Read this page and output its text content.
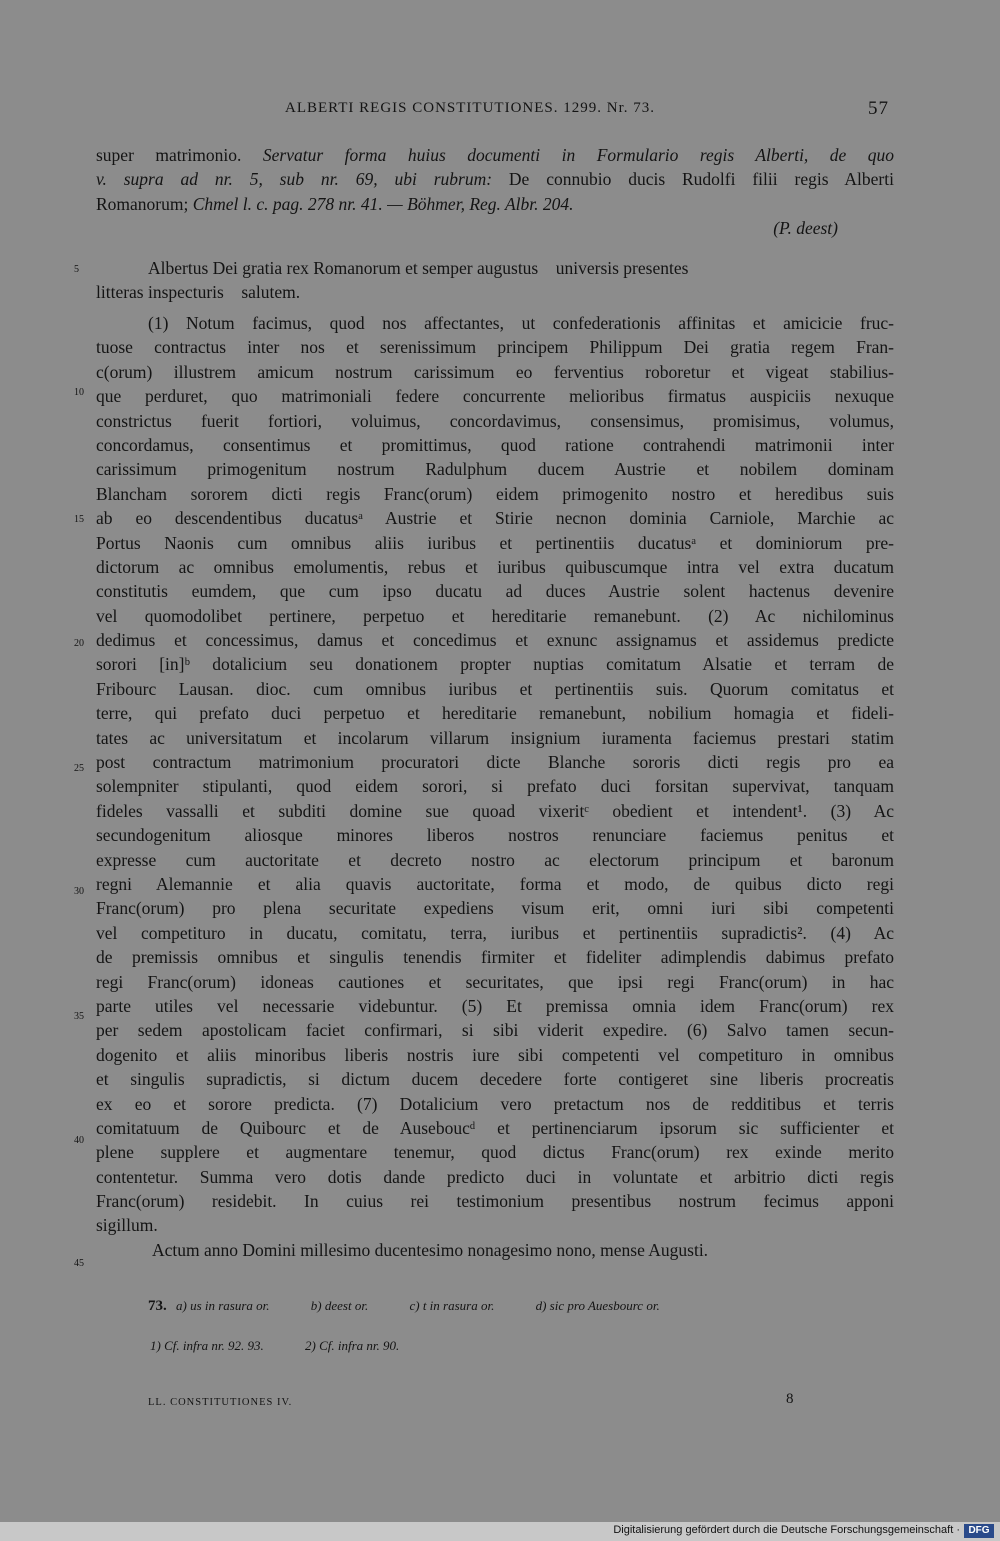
ALBERTI REGIS CONSTITUTIONES. 1299. Nr. 73.	57
super matrimonio. Servatur forma huius documenti in Formulario regis Alberti, de quo
v. supra ad nr. 5, sub nr. 69, ubi rubrum: De connubio ducis Rudolfi filii regis Alberti
Romanorum; Chmel l. c. pag. 278 nr. 41. — Böhmer, Reg. Albr. 204.
(P. deest)
5
10
15
20
25
30
35
40
45
Albertus Dei gratia rex Romanorum et semper augustus    universis presentes
litteras inspecturis    salutem.
(1) Notum facimus, quod nos affectantes, ut confederationis affinitas et amicicie fruc-
tuose contractus inter nos et serenissimum principem Philippum Dei gratia regem Fran-
c(orum) illustrem amicum nostrum carissimum eo ferventius roboretur et vigeat stabilius-
que perduret, quo matrimoniali federe concurrente melioribus firmatus auspiciis nexuque
constrictus fuerit fortiori, voluimus, concordavimus, consensimus, promisimus, volumus,
concordamus, consentimus et promittimus, quod ratione contrahendi matrimonii inter
carissimum primogenitum nostrum Radulphum ducem Austrie et nobilem dominam
Blancham sororem dicti regis Franc(orum) eidem primogenito nostro et heredibus suis
ab eo descendentibus ducatusᵃ Austrie et Stirie necnon dominia Carniole, Marchie ac
Portus Naonis cum omnibus aliis iuribus et pertinentiis ducatusᵃ et dominiorum pre-
dictorum ac omnibus emolumentis, rebus et iuribus quibuscumque intra vel extra ducatum
constitutis eumdem, que cum ipso ducatu ad duces Austrie solent hactenus devenire
vel quomodolibet pertinere, perpetuo et hereditarie remanebunt. (2) Ac nichilominus
dedimus et concessimus, damus et concedimus et exnunc assignamus et assidemus predicte
sorori [in]ᵇ dotalicium seu donationem propter nuptias comitatum Alsatie et terram de
Fribourc Lausan. dioc. cum omnibus iuribus et pertinentiis suis. Quorum comitatus et
terre, qui prefato duci perpetuo et hereditarie remanebunt, nobilium homagia et fideli-
tates ac universitatum et incolarum villarum insignium iuramenta faciemus prestari statim
post contractum matrimonium procuratori dicte Blanche sororis dicti regis pro ea
solempniter stipulanti, quod eidem sorori, si prefato duci forsitan supervivat, tanquam
fideles vassalli et subditi domine sue quoad vixeritᶜ obedient et intendent¹. (3) Ac
secundogenitum aliosque minores liberos nostros renunciare faciemus penitus et
expresse cum auctoritate et decreto nostro ac electorum principum et baronum
regni Alemannie et alia quavis auctoritate, forma et modo, de quibus dicto regi
Franc(orum) pro plena securitate expediens visum erit, omni iuri sibi competenti
vel competituro in ducatu, comitatu, terra, iuribus et pertinentiis supradictis². (4) Ac
de premissis omnibus et singulis tenendis firmiter et fideliter adimplendis dabimus prefato
regi Franc(orum) idoneas cautiones et securitates, que ipsi regi Franc(orum) in hac
parte utiles vel necessarie videbuntur. (5) Et premissa omnia idem Franc(orum) rex
per sedem apostolicam faciet confirmari, si sibi viderit expedire. (6) Salvo tamen secun-
dogenito et aliis minoribus liberis nostris iure sibi competenti vel competituro in omnibus
et singulis supradictis, si dictum ducem decedere forte contigeret sine liberis procreatis
ex eo et sorore predicta. (7) Dotalicium vero pretactum nos de redditibus et terris
comitatuum de Quibourc et de Auseboucᵈ et pertinenciarum ipsorum sic sufficienter et
plene supplere et augmentare tenemur, quod dictus Franc(orum) rex exinde merito
contentetur. Summa vero dotis dande predicto duci in voluntate et arbitrio dicti regis
Franc(orum) residebit. In cuius rei testimonium presentibus nostrum fecimus apponi
sigillum.
Actum anno Domini millesimo ducentesimo nonagesimo nono, mense Augusti.
73. a) us in rasura or.	b) deest or.	c) t in rasura or.	d) sic pro Auesbourc or.
1) Cf. infra nr. 92. 93.	2) Cf. infra nr. 90.
LL. CONSTITUTIONES IV.	8
Digitalisierung gefördert durch die Deutsche Forschungsgemeinschaft · DFG
